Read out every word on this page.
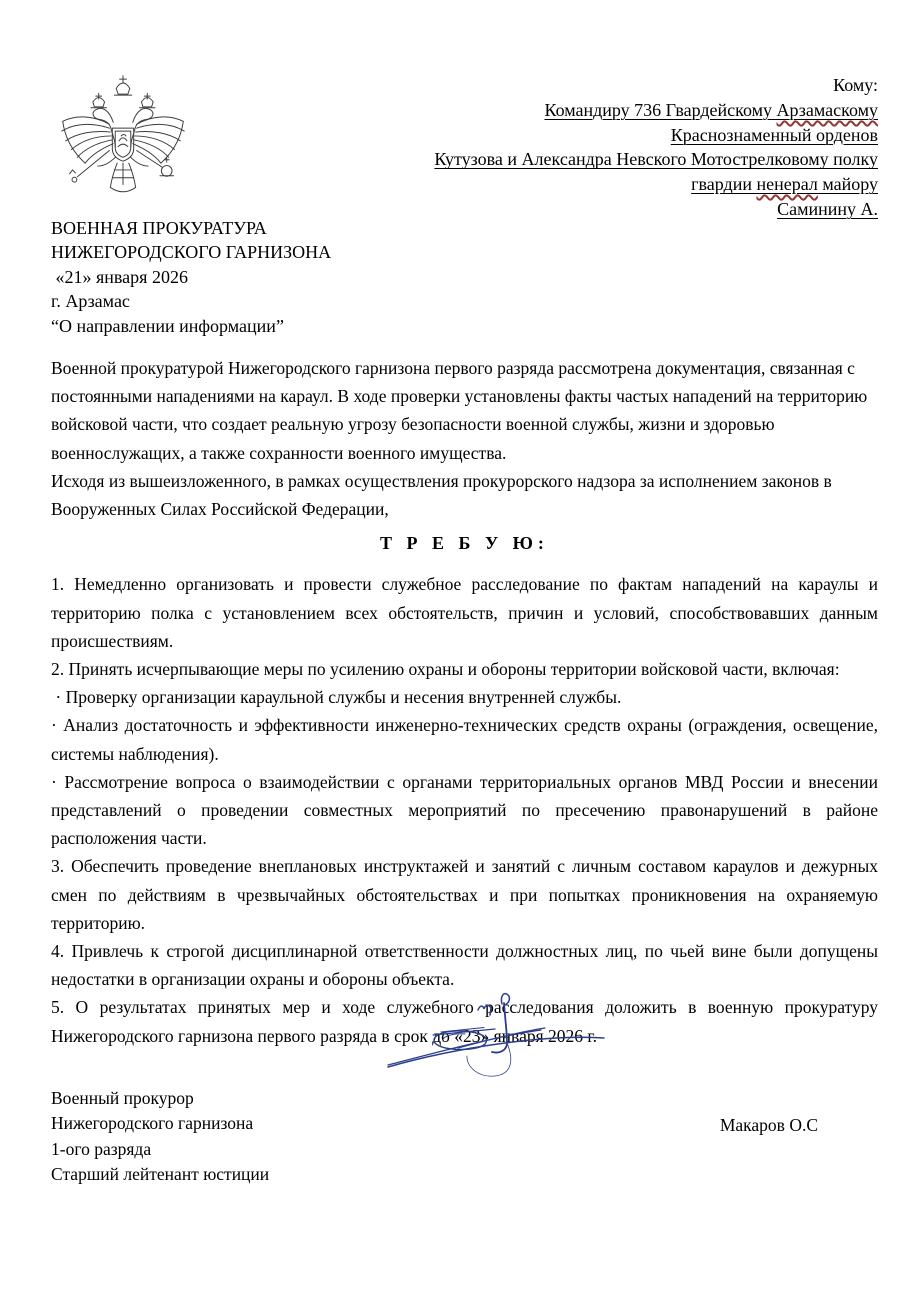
Кому:
Командиру 736 Гвардейскому Арзамаскому
Краснознаменный орденов
Кутузова и Александра Невского Мотострелковому полку
гвардии ненерал майору
Саминину А.
ВОЕННАЯ ПРОКУРАТУРА
НИЖЕГОРОДСКОГО ГАРНИЗОНА
«21» января 2026
г. Арзамас
“О направлении информации”

Военной прокуратурой Нижегородского гарнизона первого разряда рассмотрена документация, связанная с постоянными нападениями на караул. В ходе проверки установлены факты частых нападений на территорию войсковой части, что создает реальную угрозу безопасности военной службы, жизни и здоровью военнослужащих, а также сохранности военного имущества.

Исходя из вышеизложенного, в рамках осуществления прокурорского надзора за исполнением законов в Вооруженных Силах Российской Федерации,

Т Р Е Б У Ю:

1. Немедленно организовать и провести служебное расследование по фактам нападений на караулы и территорию полка с установлением всех обстоятельств, причин и условий, способствовавших данным происшествиям.

2. Принять исчерпывающие меры по усилению охраны и обороны территории войсковой части, включая:

· Проверку организации караульной службы и несения внутренней службы.

· Анализ достаточность и эффективности инженерно-технических средств охраны (ограждения, освещение, системы наблюдения).

· Рассмотрение вопроса о взаимодействии с органами территориальных органов МВД России и внесении представлений о проведении совместных мероприятий по пресечению правонарушений в районе расположения части.

3. Обеспечить проведение внеплановых инструктажей и занятий с личным составом караулов и дежурных смен по действиям в чрезвычайных обстоятельствах и при попытках проникновения на охраняемую территорию.

4. Привлечь к строгой дисциплинарной ответственности должностных лиц, по чьей вине были допущены недостатки в организации охраны и обороны объекта.

5. О результатах принятых мер и ходе служебного расследования доложить в военную прокуратуру Нижегородского гарнизона первого разряда в срок до «23» января 2026 г.

Военный прокурор
Нижегородского гарнизона
1-ого разряда
Старший лейтенант юстиции
Макаров О.С
